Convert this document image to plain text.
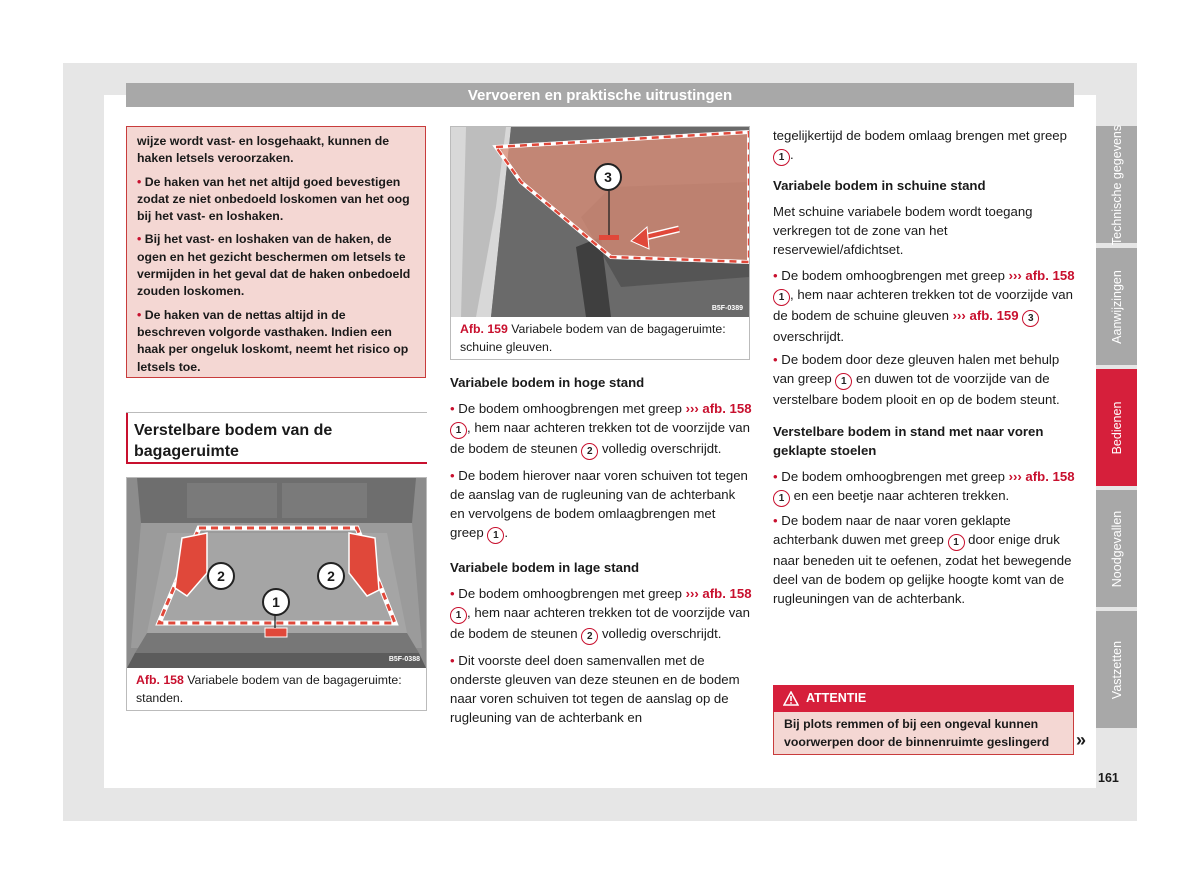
Vervoeren en praktische uitrustingen

wijze wordt vast- en losgehaakt, kunnen de haken letsels veroorzaken.

• De haken van het net altijd goed bevestigen zodat ze niet onbedoeld loskomen van het oog bij het vast- en loshaken.

• Bij het vast- en loshaken van de haken, de ogen en het gezicht beschermen om letsels te vermijden in het geval dat de haken onbedoeld zouden loskomen.

• De haken van de nettas altijd in de beschreven volgorde vasthaken. Indien een haak per ongeluk loskomt, neemt het risico op letsels toe.

Verstelbare bodem van de bagageruimte
2	2
1
B5F-0388
Afb. 158 Variabele bodem van de bagageruimte: standen.
3
B5F-0389
Afb. 159 Variabele bodem van de bagageruimte: schuine gleuven.
Variabele bodem in hoge stand

• De bodem omhoogbrengen met greep ››› afb. 158 1 , hem naar achteren trekken tot de voorzijde van de bodem de steunen 2 volledig overschrijdt.

• De bodem hierover naar voren schuiven tot tegen de aanslag van de rugleuning van de achterbank en vervolgens de bodem omlaagbrengen met greep 1 .

Variabele bodem in lage stand

• De bodem omhoogbrengen met greep ››› afb. 158 1 , hem naar achteren trekken tot de voorzijde van de bodem de steunen 2 volledig overschrijdt.

• Dit voorste deel doen samenvallen met de onderste gleuven van deze steunen en de bodem naar voren schuiven tot tegen de aanslag op de rugleuning van de achterbank en

tegelijkertijd de bodem omlaag brengen met greep 1 .

Variabele bodem in schuine stand

Met schuine variabele bodem wordt toegang verkregen tot de zone van het reservewiel/afdichtset.

• De bodem omhoogbrengen met greep ››› afb. 158 1 , hem naar achteren trekken tot de voorzijde van de bodem de schuine gleuven ››› afb. 159 3 overschrijdt.

• De bodem door deze gleuven halen met behulp van greep 1 en duwen tot de voorzijde van de verstelbare bodem plooit en op de bodem steunt.

Verstelbare bodem in stand met naar voren geklapte stoelen

• De bodem omhoogbrengen met greep ››› afb. 158 1 en een beetje naar achteren trekken.

• De bodem naar de naar voren geklapte achterbank duwen met greep 1 door enige druk naar beneden uit te oefenen, zodat het bewegende deel van de bodem op gelijke hoogte komt van de rugleuningen van de achterbank.

ATTENTIE
Bij plots remmen of bij een ongeval kunnen voorwerpen door de binnenruimte geslingerd	»
Technische gegevens
Aanwijzingen
Bedienen
Noodgevallen
Vastzetten
161
